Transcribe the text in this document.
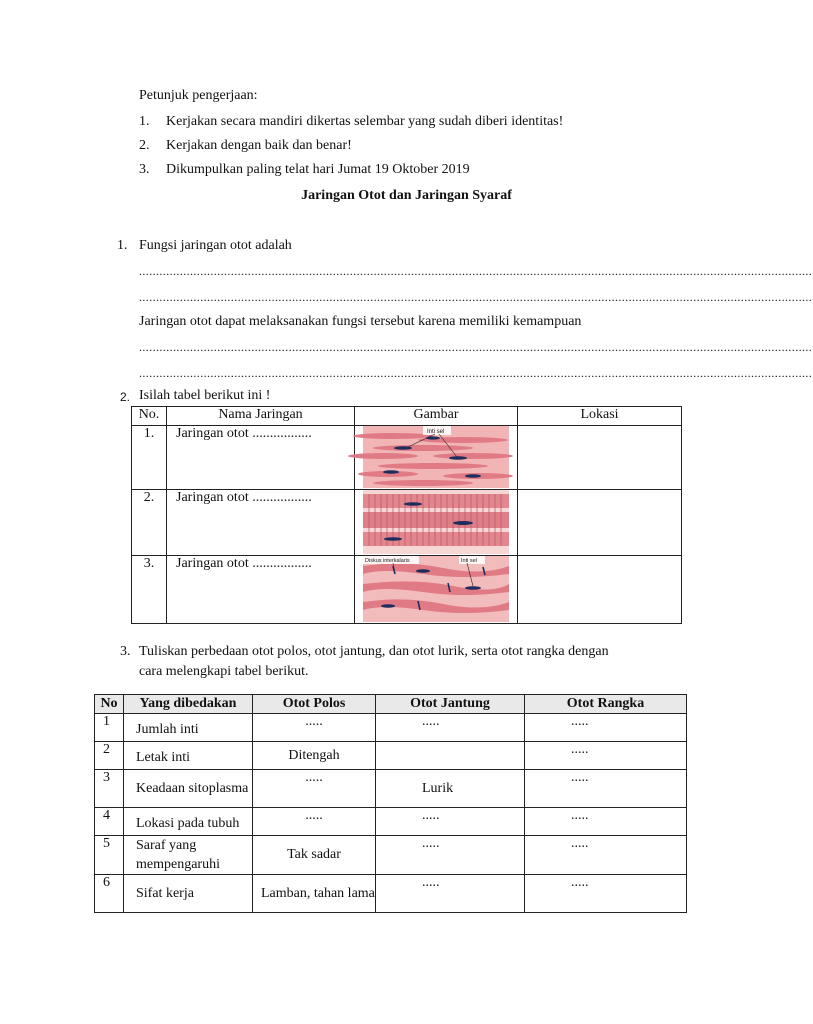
Petunjuk pengerjaan:
1. Kerjakan secara mandiri dikertas selembar yang sudah diberi identitas!
2. Kerjakan dengan baik dan benar!
3. Dikumpulkan paling telat hari Jumat 19 Oktober 2019
Jaringan Otot dan Jaringan Syaraf
1. Fungsi jaringan otot adalah
......................................................................................................................................................................................................
......................................................................................................................................................................................................
Jaringan otot dapat melaksanakan fungsi tersebut karena memiliki kemampuan
......................................................................................................................................................................................................
......................................................................................................................................................................................................
2. Isilah tabel berikut ini !
No.	Nama Jaringan	Gambar	Lokasi
1.	Jaringan otot .................	Inti sel	

2.	Jaringan otot .................	

3.	Jaringan otot .................	Diskus interkalaris Inti sel	

3. Tuliskan perbedaan otot polos, otot jantung, dan otot lurik, serta otot rangka dengan
cara melengkapi tabel berikut.
No	Yang dibedakan	Otot Polos	Otot Jantung	Otot Rangka
1	Jumlah inti	.....	.....	.....
2	Letak inti	Ditengah		.....
3	Keadaan sitoplasma	.....	Lurik	.....
4	Lokasi pada tubuh	.....	.....	.....
5	Saraf yang mempengaruhi	Tak sadar	.....	.....
6	Sifat kerja	Lamban, tahan lama	.....	.....
